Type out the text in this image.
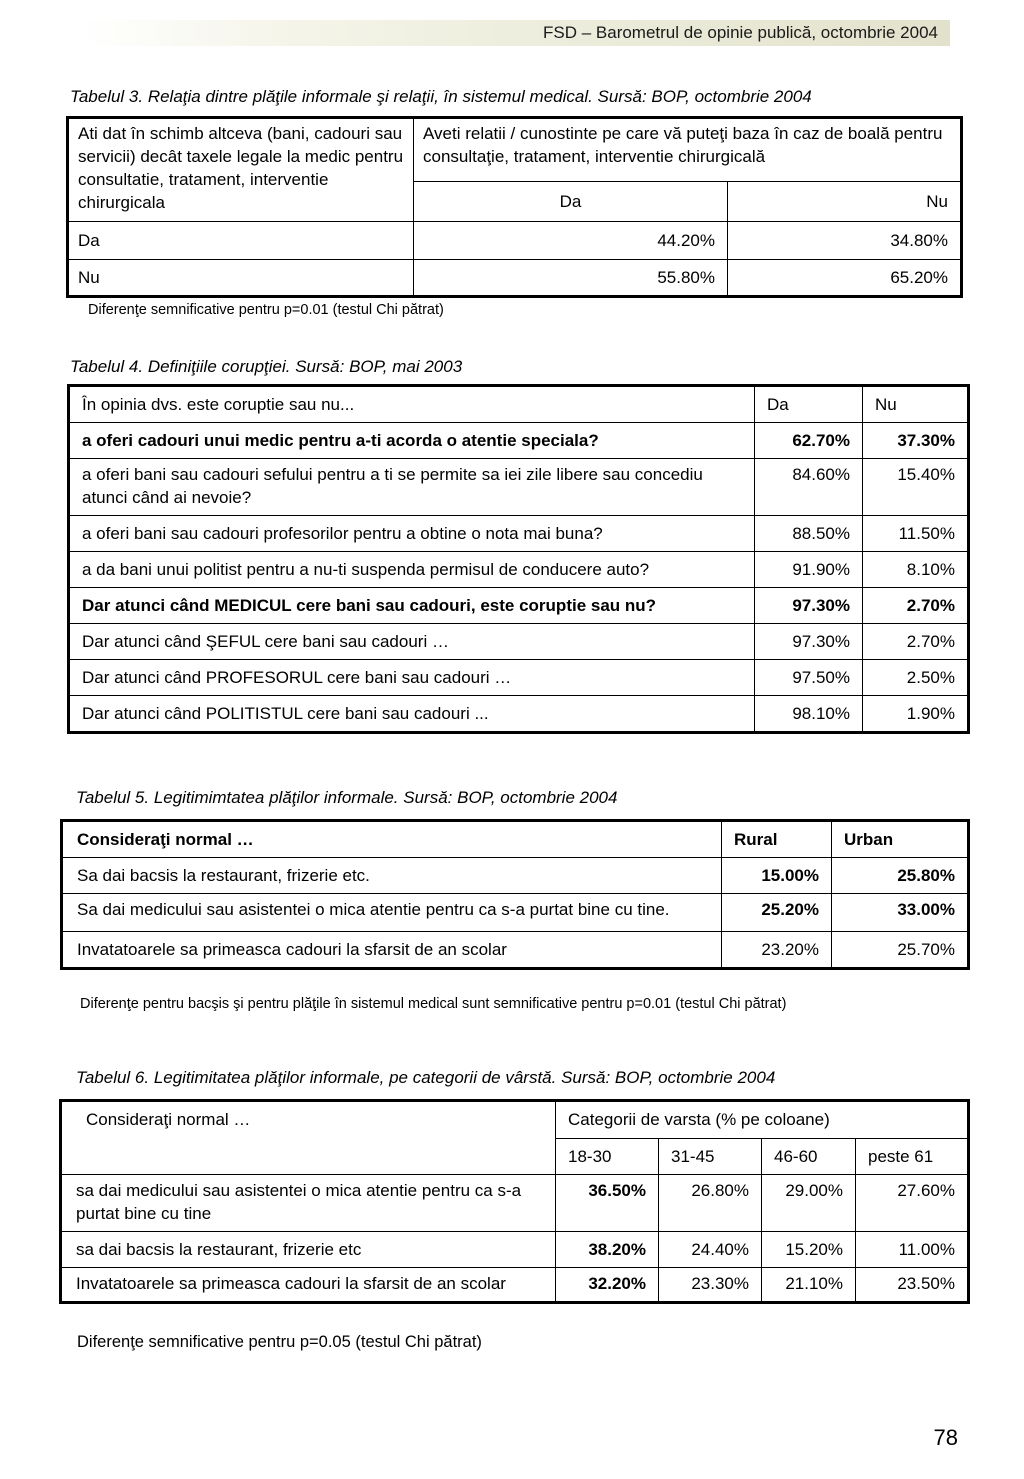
FSD – Barometrul de opinie publică, octombrie 2004

Tabelul 3. Relaţia dintre plăţile informale şi relaţii, în sistemul medical. Sursă: BOP, octombrie 2004

Ati dat în schimb altceva (bani, cadouri sau servicii) decât taxele legale la medic pentru consultatie, tratament, interventie chirurgicala	Aveti relatii / cunostinte pe care vă puteţi baza în caz de boală pentru consultaţie, tratament, interventie chirurgicală	
	Da	Nu
Da	44.20%	34.80%
Nu	55.80%	65.20%

Diferenţe semnificative pentru p=0.01 (testul Chi pătrat)

Tabelul 4. Definiţiile corupţiei. Sursă: BOP, mai 2003

În opinia dvs. este coruptie sau nu...	Da	Nu
a oferi cadouri unui medic pentru a-ti acorda o atentie speciala?	62.70%	37.30%
a oferi bani sau cadouri sefului pentru a ti se permite sa iei zile libere sau concediu atunci când ai nevoie?	84.60%	15.40%
a oferi bani sau cadouri profesorilor pentru a obtine o nota mai buna?	88.50%	11.50%
a da bani unui politist pentru a nu-ti suspenda permisul de conducere auto?	91.90%	8.10%
Dar atunci când MEDICUL cere bani sau cadouri, este coruptie sau nu?	97.30%	2.70%
Dar atunci când ŞEFUL cere bani sau cadouri …	97.30%	2.70%
Dar atunci când PROFESORUL cere bani sau cadouri …	97.50%	2.50%
Dar atunci când POLITISTUL cere bani sau cadouri ...	98.10%	1.90%

Tabelul 5. Legitimimtatea plăţilor informale. Sursă: BOP, octombrie 2004

Consideraţi normal …	Rural	Urban
Sa dai bacsis la restaurant, frizerie etc.	15.00%	25.80%
Sa dai medicului sau asistentei o mica atentie pentru ca s-a purtat bine cu tine.	25.20%	33.00%
Invatatoarele sa primeasca cadouri la sfarsit de an scolar	23.20%	25.70%

Diferenţe pentru bacşis şi pentru plăţile în sistemul medical sunt semnificative pentru p=0.01 (testul Chi pătrat)

Tabelul 6. Legitimitatea plăţilor informale, pe categorii de vârstă. Sursă: BOP, octombrie 2004

Consideraţi normal …	Categorii de varsta (% pe coloane)			
	18-30	31-45	46-60	peste 61
sa dai medicului sau asistentei o mica atentie pentru ca s-a purtat bine cu tine	36.50%	26.80%	29.00%	27.60%
sa dai bacsis la restaurant, frizerie etc	38.20%	24.40%	15.20%	11.00%
Invatatoarele sa primeasca cadouri la sfarsit de an scolar	32.20%	23.30%	21.10%	23.50%

Diferenţe semnificative pentru p=0.05 (testul Chi pătrat)

78
